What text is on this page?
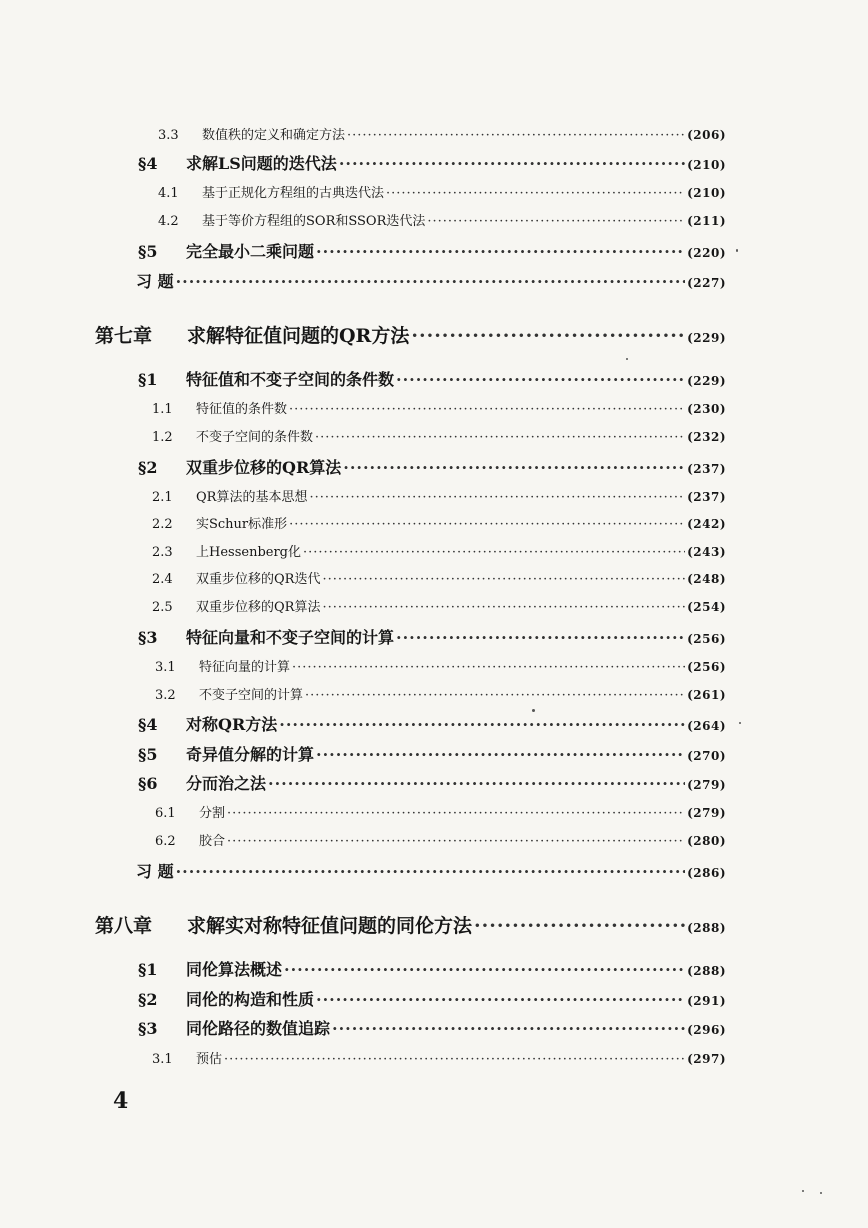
3.3	数值秩的定义和确定方法 ·····	(206)
§4	求解LS问题的迭代法 ·····	(210)
4.1	基于正规化方程组的古典迭代法 ·····	(210)
4.2	基于等价方程组的SOR和SSOR迭代法 ·····	(211)
§5	完全最小二乘问题 ·····	(220)
习 题 ·····	(227)
第七章	求解特征值问题的QR方法 ·····	(229)
§1	特征值和不变子空间的条件数 ·····	(229)
1.1	特征值的条件数 ·····	(230)
1.2	不变子空间的条件数 ·····	(232)
§2	双重步位移的QR算法 ·····	(237)
2.1	QR算法的基本思想 ·····	(237)
2.2	实Schur标准形 ·····	(242)
2.3	上Hessenberg化 ·····	(243)
2.4	双重步位移的QR迭代 ·····	(248)
2.5	双重步位移的QR算法 ·····	(254)
§3	特征向量和不变子空间的计算 ·····	(256)
3.1	特征向量的计算 ·····	(256)
3.2	不变子空间的计算 ·····	(261)
§4	对称QR方法 ·····	(264)
§5	奇异值分解的计算 ·····	(270)
§6	分而治之法 ·····	(279)
6.1	分割 ·····	(279)
6.2	胶合 ·····	(280)
习 题 ·····	(286)
第八章	求解实对称特征值问题的同伦方法 ·····	(288)
§1	同伦算法概述 ·····	(288)
§2	同伦的构造和性质 ·····	(291)
§3	同伦路径的数值追踪 ·····	(296)
3.1	预估 ·····	(297)
4
